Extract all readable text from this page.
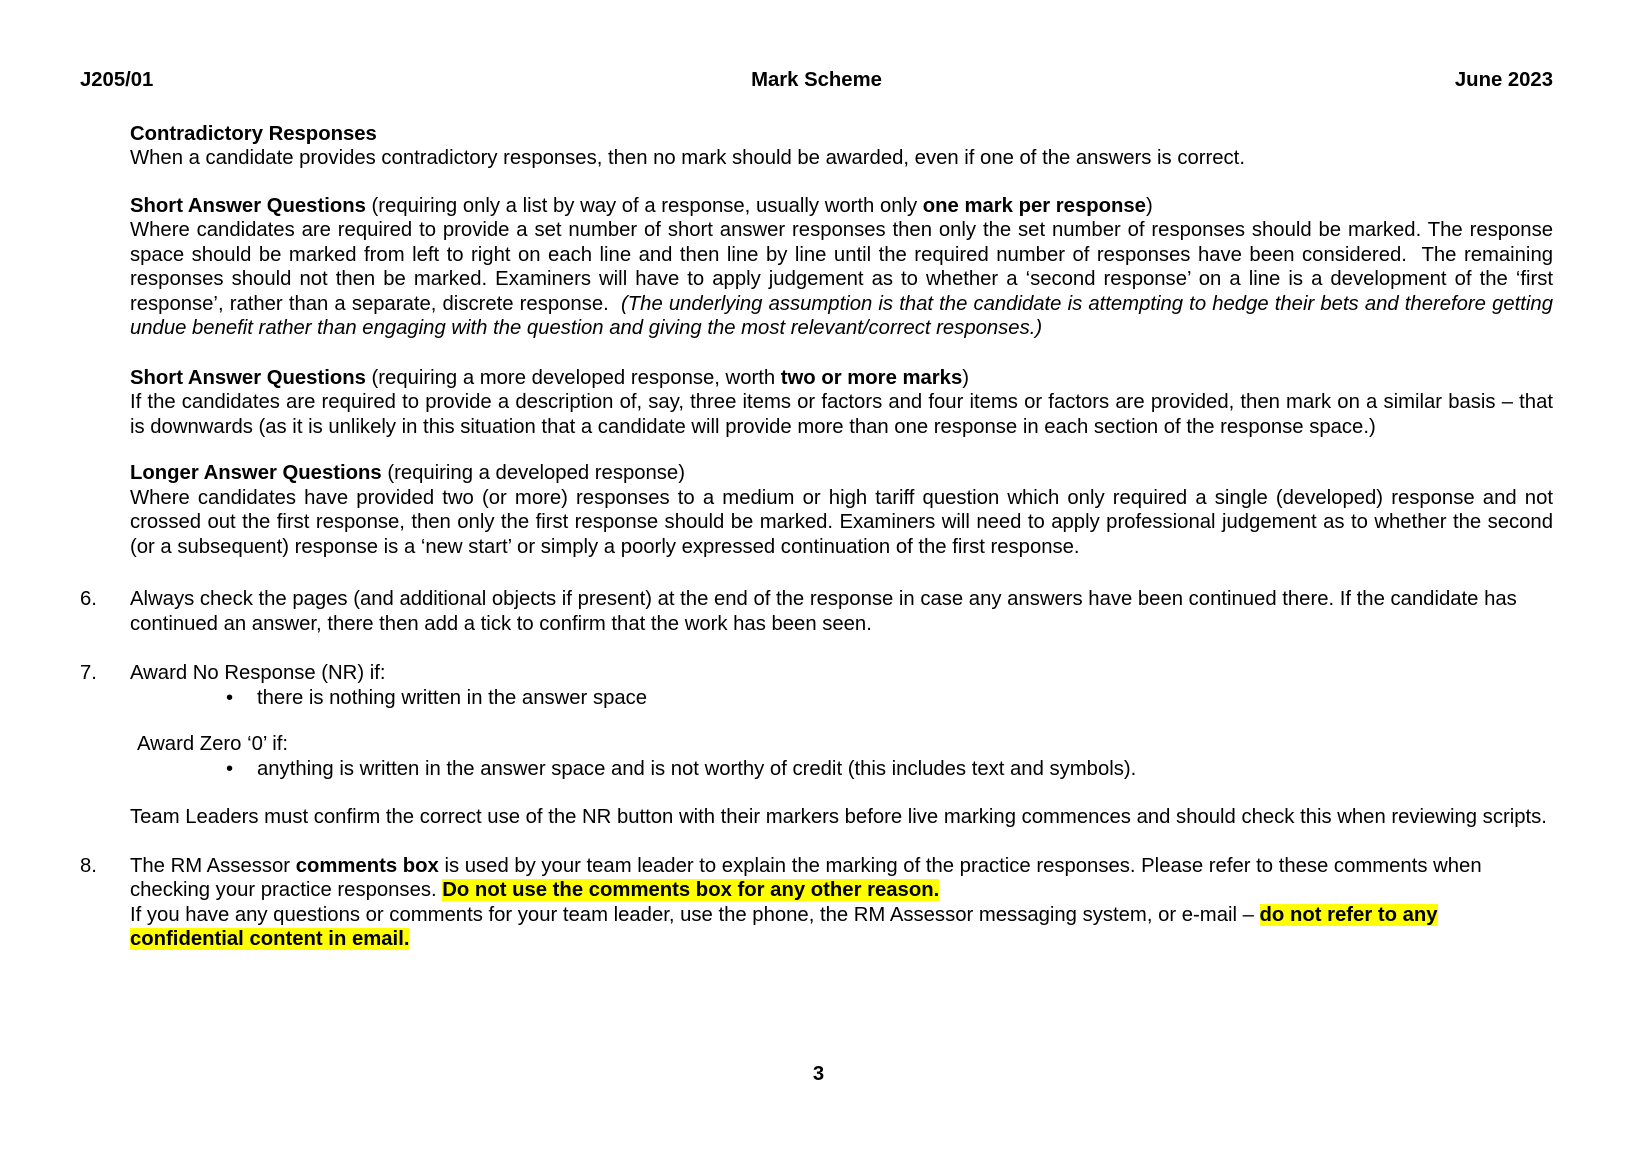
J205/01	Mark Scheme	June 2023
Contradictory Responses
When a candidate provides contradictory responses, then no mark should be awarded, even if one of the answers is correct.
Short Answer Questions (requiring only a list by way of a response, usually worth only one mark per response)
Where candidates are required to provide a set number of short answer responses then only the set number of responses should be marked. The response space should be marked from left to right on each line and then line by line until the required number of responses have been considered.  The remaining responses should not then be marked. Examiners will have to apply judgement as to whether a ‘second response’ on a line is a development of the ‘first response’, rather than a separate, discrete response.  (The underlying assumption is that the candidate is attempting to hedge their bets and therefore getting undue benefit rather than engaging with the question and giving the most relevant/correct responses.)
Short Answer Questions (requiring a more developed response, worth two or more marks)
If the candidates are required to provide a description of, say, three items or factors and four items or factors are provided, then mark on a similar basis – that is downwards (as it is unlikely in this situation that a candidate will provide more than one response in each section of the response space.)
Longer Answer Questions (requiring a developed response)
Where candidates have provided two (or more) responses to a medium or high tariff question which only required a single (developed) response and not crossed out the first response, then only the first response should be marked. Examiners will need to apply professional judgement as to whether the second (or a subsequent) response is a ‘new start’ or simply a poorly expressed continuation of the first response.
6. Always check the pages (and additional objects if present) at the end of the response in case any answers have been continued there. If the candidate has continued an answer, there then add a tick to confirm that the work has been seen.
7. Award No Response (NR) if:
• there is nothing written in the answer space
Award Zero ‘0’ if:
• anything is written in the answer space and is not worthy of credit (this includes text and symbols).
Team Leaders must confirm the correct use of the NR button with their markers before live marking commences and should check this when reviewing scripts.
8. The RM Assessor comments box is used by your team leader to explain the marking of the practice responses. Please refer to these comments when checking your practice responses. Do not use the comments box for any other reason.
If you have any questions or comments for your team leader, use the phone, the RM Assessor messaging system, or e-mail – do not refer to any confidential content in email.
3
